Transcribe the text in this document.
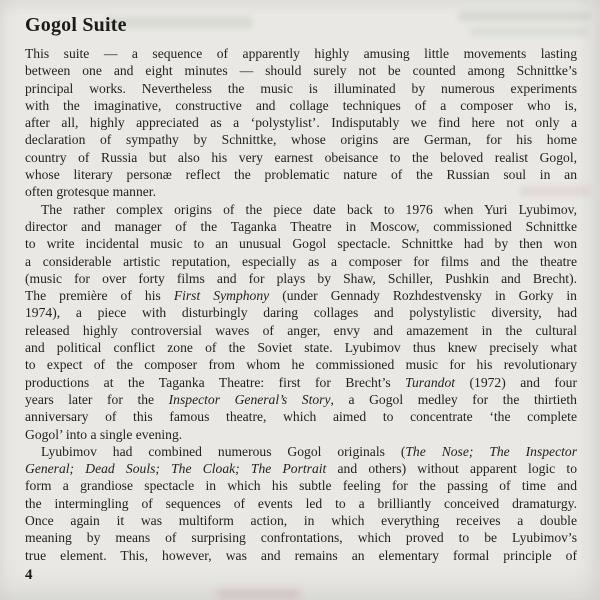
Gogol Suite
This suite — a sequence of apparently highly amusing little movements lasting
between one and eight minutes — should surely not be counted among Schnittke’s
principal works. Nevertheless the music is illuminated by numerous experiments
with the imaginative, constructive and collage techniques of a composer who is,
after all, highly appreciated as a ‘polystylist’. Indisputably we find here not only a
declaration of sympathy by Schnittke, whose origins are German, for his home
country of Russia but also his very earnest obeisance to the beloved realist Gogol,
whose literary personæ reflect the problematic nature of the Russian soul in an
often grotesque manner.
The rather complex origins of the piece date back to 1976 when Yuri Lyubimov,
director and manager of the Taganka Theatre in Moscow, commissioned Schnittke
to write incidental music to an unusual Gogol spectacle. Schnittke had by then won
a considerable artistic reputation, especially as a composer for films and the theatre
(music for over forty films and for plays by Shaw, Schiller, Pushkin and Brecht).
The première of his First Symphony (under Gennady Rozhdestvensky in Gorky in
1974), a piece with disturbingly daring collages and polystylistic diversity, had
released highly controversial waves of anger, envy and amazement in the cultural
and political conflict zone of the Soviet state. Lyubimov thus knew precisely what
to expect of the composer from whom he commissioned music for his revolutionary
productions at the Taganka Theatre: first for Brecht’s Turandot (1972) and four
years later for the Inspector General’s Story, a Gogol medley for the thirtieth
anniversary of this famous theatre, which aimed to concentrate ‘the complete
Gogol’ into a single evening.
Lyubimov had combined numerous Gogol originals (The Nose; The Inspector
General; Dead Souls; The Cloak; The Portrait and others) without apparent logic to
form a grandiose spectacle in which his subtle feeling for the passing of time and
the intermingling of sequences of events led to a brilliantly conceived dramaturgy.
Once again it was multiform action, in which everything receives a double
meaning by means of surprising confrontations, which proved to be Lyubimov’s
true element. This, however, was and remains an elementary formal principle of
4
